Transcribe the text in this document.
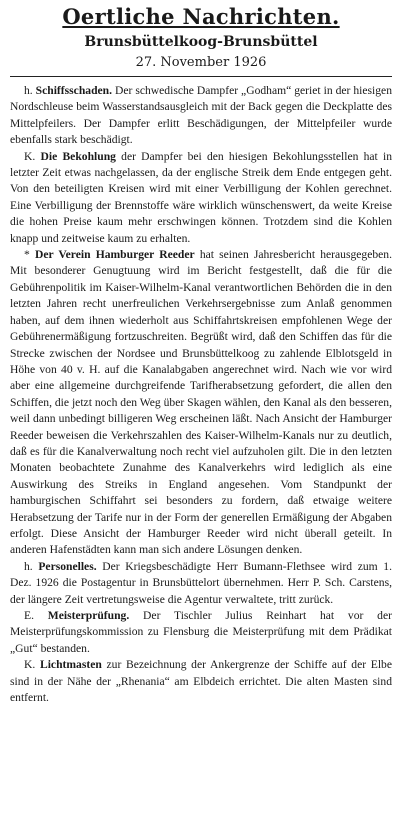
Oertliche Nachrichten.
Brunsbüttelkoog-Brunsbüttel
27. November 1926

h. Schiffsschaden. Der schwedische Dampfer „Godham“ geriet in der hiesigen Nordschleuse beim Wasserstandsausgleich mit der Back gegen die Deckplatte des Mittelpfeilers. Der Dampfer erlitt Beschädigungen, der Mittelpfeiler wurde ebenfalls stark beschädigt.

K. Die Bekohlung der Dampfer bei den hiesigen Bekohlungsstellen hat in letzter Zeit etwas nachgelassen, da der englische Streik dem Ende entgegen geht. Von den beteiligten Kreisen wird mit einer Verbilligung der Kohlen gerechnet. Eine Verbilligung der Brennstoffe wäre wirklich wünschenswert, da weite Kreise die hohen Preise kaum mehr erschwingen können. Trotzdem sind die Kohlen knapp und zeitweise kaum zu erhalten.

* Der Verein Hamburger Reeder hat seinen Jahresbericht herausgegeben. Mit besonderer Genugtuung wird im Bericht festgestellt, daß die für die Gebührenpolitik im Kaiser-Wilhelm-Kanal verantwortlichen Behörden die in den letzten Jahren recht unerfreulichen Verkehrsergebnisse zum Anlaß genommen haben, auf dem ihnen wiederholt aus Schiffahrtskreisen empfohlenen Wege der Gebührenermäßigung fortzuschreiten. Begrüßt wird, daß den Schiffen das für die Strecke zwischen der Nordsee und Brunsbüttelkoog zu zahlende Elblotsgeld in Höhe von 40 v. H. auf die Kanalabgaben angerechnet wird. Nach wie vor wird aber eine allgemeine durchgreifende Tarifherabsetzung gefordert, die allen den Schiffen, die jetzt noch den Weg über Skagen wählen, den Kanal als den besseren, weil dann unbedingt billigeren Weg erscheinen läßt. Nach Ansicht der Hamburger Reeder beweisen die Verkehrszahlen des Kaiser-Wilhelm-Kanals nur zu deutlich, daß es für die Kanalverwaltung noch recht viel aufzuholen gilt. Die in den letzten Monaten beobachtete Zunahme des Kanalverkehrs wird lediglich als eine Auswirkung des Streiks in England angesehen. Vom Standpunkt der hamburgischen Schiffahrt sei besonders zu fordern, daß etwaige weitere Herabsetzung der Tarife nur in der Form der generellen Ermäßigung der Abgaben erfolgt. Diese Ansicht der Hamburger Reeder wird nicht überall geteilt. In anderen Hafenstädten kann man sich andere Lösungen denken.

h. Personelles. Der Kriegsbeschädigte Herr Bumann-Flethsee wird zum 1. Dez. 1926 die Postagentur in Brunsbüttelort übernehmen. Herr P. Sch. Carstens, der längere Zeit vertretungsweise die Agentur verwaltete, tritt zurück.

E. Meisterprüfung. Der Tischler Julius Reinhart hat vor der Meisterprüfungskommission zu Flensburg die Meisterprüfung mit dem Prädikat „Gut“ bestanden.

K. Lichtmasten zur Bezeichnung der Ankergrenze der Schiffe auf der Elbe sind in der Nähe der „Rhenania“ am Elbdeich errichtet. Die alten Masten sind entfernt.
